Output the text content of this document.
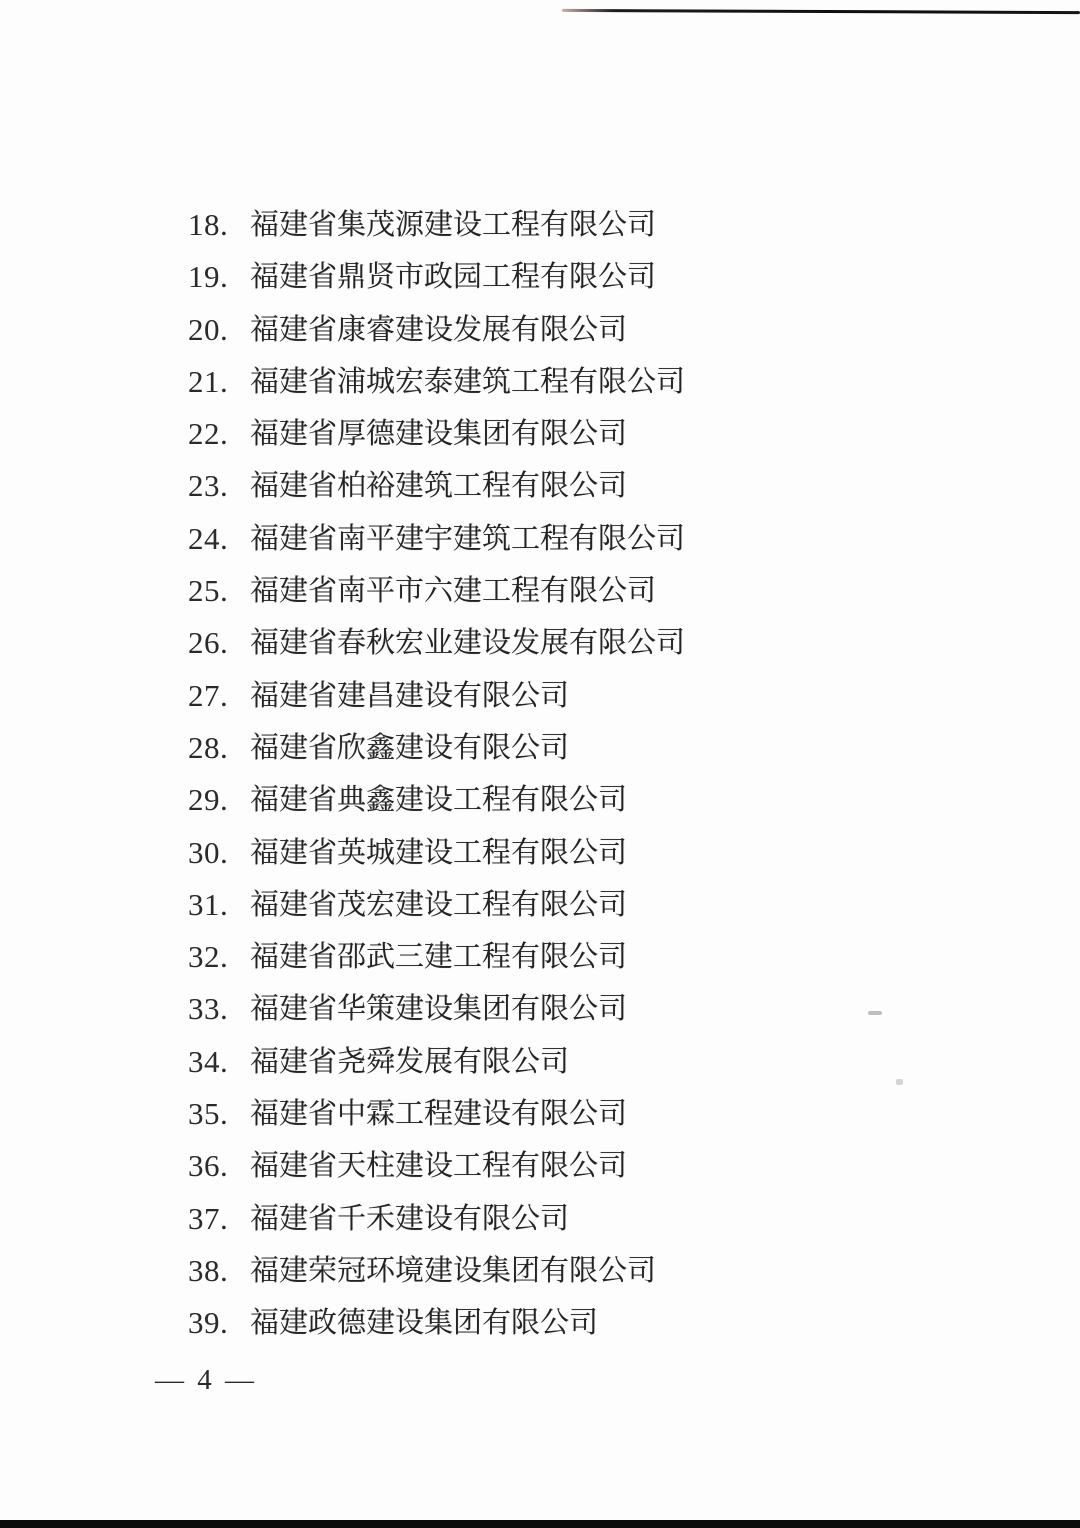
18. 福建省集茂源建设工程有限公司
19. 福建省鼎贤市政园工程有限公司
20. 福建省康睿建设发展有限公司
21. 福建省浦城宏泰建筑工程有限公司
22. 福建省厚德建设集团有限公司
23. 福建省柏裕建筑工程有限公司
24. 福建省南平建宇建筑工程有限公司
25. 福建省南平市六建工程有限公司
26. 福建省春秋宏业建设发展有限公司
27. 福建省建昌建设有限公司
28. 福建省欣鑫建设有限公司
29. 福建省典鑫建设工程有限公司
30. 福建省英城建设工程有限公司
31. 福建省茂宏建设工程有限公司
32. 福建省邵武三建工程有限公司
33. 福建省华策建设集团有限公司
34. 福建省尧舜发展有限公司
35. 福建省中霖工程建设有限公司
36. 福建省天柱建设工程有限公司
37. 福建省千禾建设有限公司
38. 福建荣冠环境建设集团有限公司
39. 福建政德建设集团有限公司
— 4 —
